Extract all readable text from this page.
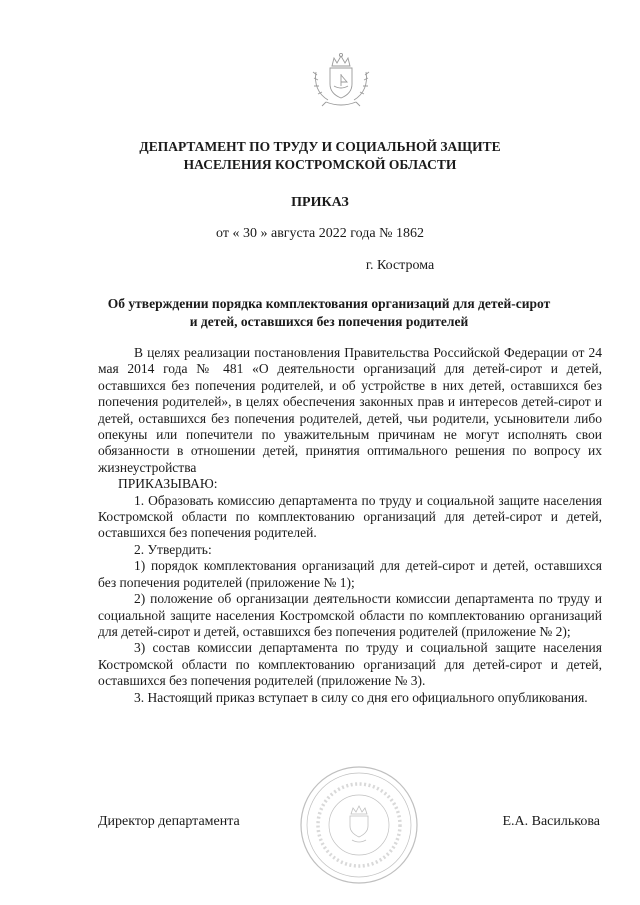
ДЕПАРТАМЕНТ ПО ТРУДУ И СОЦИАЛЬНОЙ ЗАЩИТЕ
НАСЕЛЕНИЯ КОСТРОМСКОЙ ОБЛАСТИ
ПРИКАЗ
от « 30 » августа 2022 года № 1862
г. Кострома
Об утверждении порядка комплектования организаций для детей-сирот
и детей, оставшихся без попечения родителей

В целях реализации постановления Правительства Российской Федерации от 24 мая 2014 года № 481 «О деятельности организаций для детей-сирот и детей, оставшихся без попечения родителей, и об устройстве в них детей, оставшихся без попечения родителей», в целях обеспечения законных прав и интересов детей-сирот и детей, оставшихся без попечения родителей, детей, чьи родители, усыновители либо опекуны или попечители по уважительным причинам не могут исполнять свои обязанности в отношении детей, принятия оптимального решения по вопросу их жизнеустройства

ПРИКАЗЫВАЮ:

1. Образовать комиссию департамента по труду и социальной защите населения Костромской области по комплектованию организаций для детей-сирот и детей, оставшихся без попечения родителей.

2. Утвердить:

1) порядок комплектования организаций для детей-сирот и детей, оставшихся без попечения родителей (приложение № 1);

2) положение об организации деятельности комиссии департамента по труду и социальной защите населения Костромской области по комплектованию организаций для детей-сирот и детей, оставшихся без попечения родителей (приложение № 2);

3) состав комиссии департамента по труду и социальной защите населения Костромской области по комплектованию организаций для детей-сирот и детей, оставшихся без попечения родителей (приложение № 3).

3. Настоящий приказ вступает в силу со дня его официального опубликования.

Директор департамента	Е.А. Василькова
